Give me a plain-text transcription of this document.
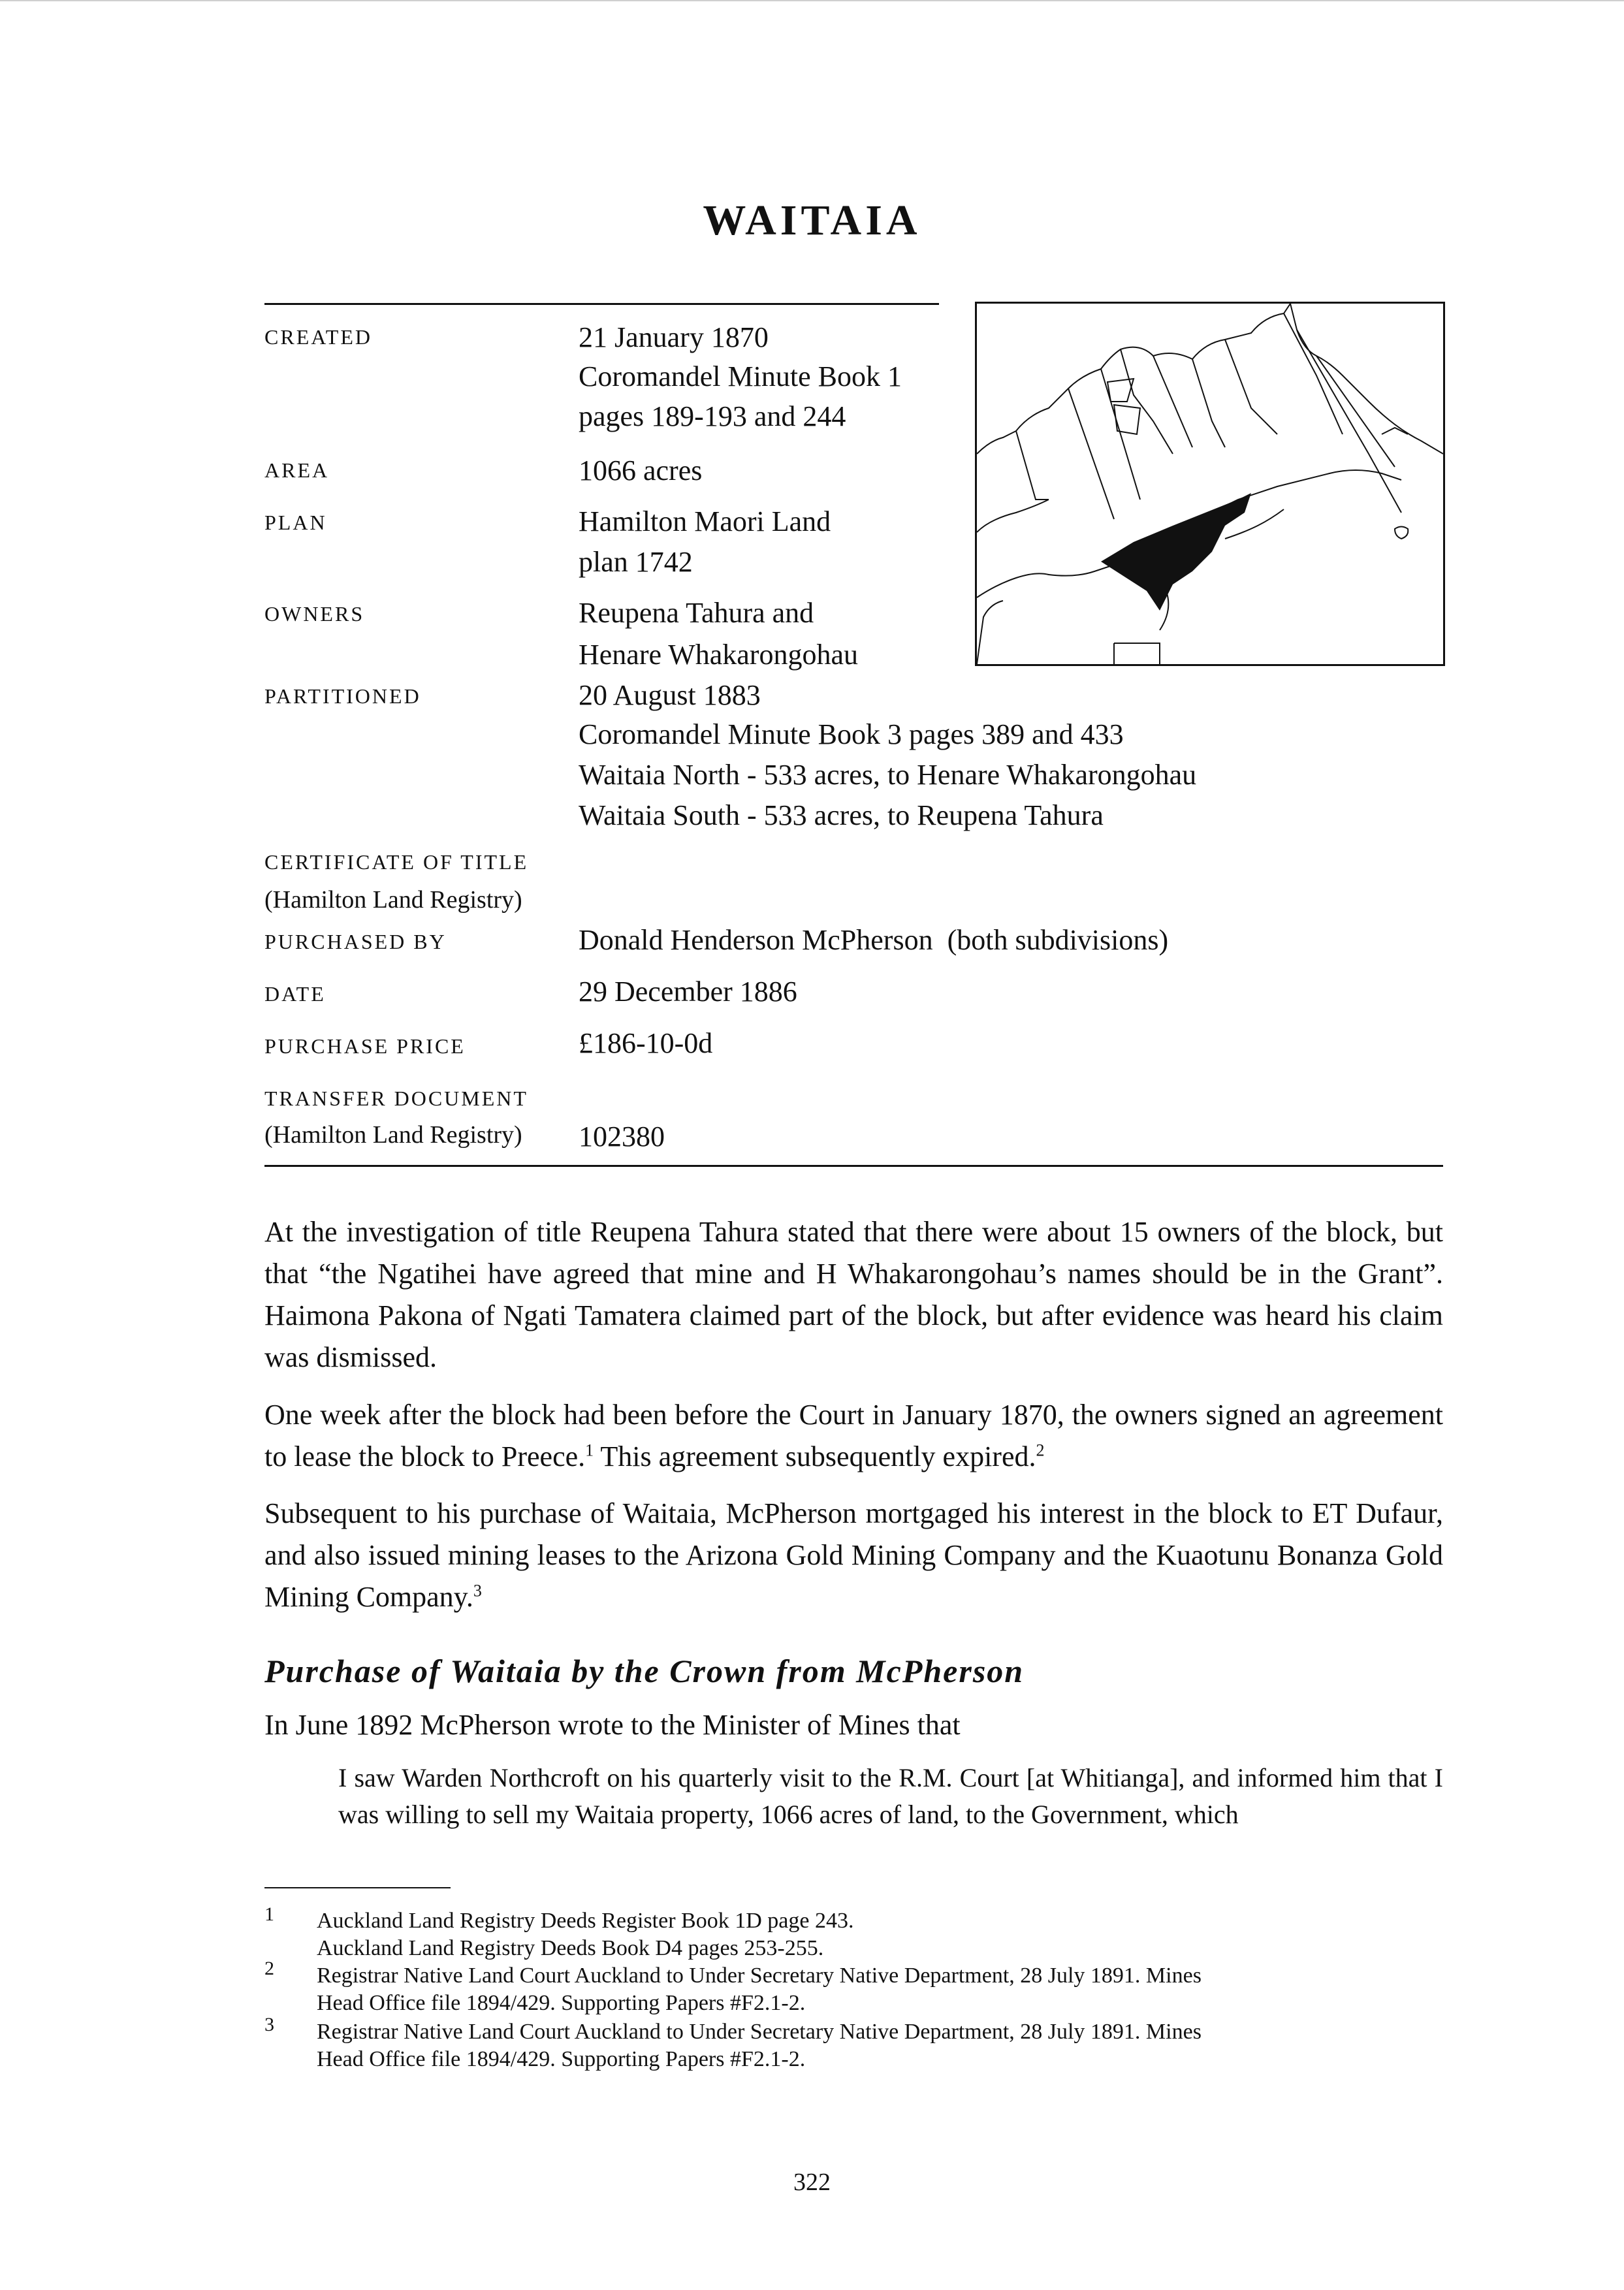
WAITAIA
CREATED	21 January 1870
Coromandel Minute Book 1
pages 189-193 and 244
AREA	1066 acres
PLAN	Hamilton Maori Land
plan 1742
OWNERS	Reupena Tahura and
Henare Whakarongohau
PARTITIONED	20 August 1883
Coromandel Minute Book 3 pages 389 and 433
Waitaia North - 533 acres, to Henare Whakarongohau
Waitaia South - 533 acres, to Reupena Tahura
CERTIFICATE OF TITLE
(Hamilton Land Registry)
PURCHASED BY	Donald Henderson McPherson  (both subdivisions)
DATE	29 December 1886
PURCHASE PRICE	£186-10-0d
TRANSFER DOCUMENT
(Hamilton Land Registry) 102380

At the investigation of title Reupena Tahura stated that there were about 15 owners of the block, but that “the Ngatihei have agreed that mine and H Whakarongohau’s names should be in the Grant”. Haimona Pakona of Ngati Tamatera claimed part of the block, but after evidence was heard his claim was dismissed.

One week after the block had been before the Court in January 1870, the owners signed an agreement to lease the block to Preece.$^1$ This agreement subsequently expired.$^2$

Subsequent to his purchase of Waitaia, McPherson mortgaged his interest in the block to ET Dufaur, and also issued mining leases to the Arizona Gold Mining Company and the Kuaotunu Bonanza Gold Mining Company.$^3$

Purchase of Waitaia by the Crown from McPherson

In June 1892 McPherson wrote to the Minister of Mines that

I saw Warden Northcroft on his quarterly visit to the R.M. Court [at Whitianga], and informed him that I was willing to sell my Waitaia property, 1066 acres of land, to the Government, which

1 Auckland Land Registry Deeds Register Book 1D page 243.
Auckland Land Registry Deeds Book D4 pages 253-255.
2 Registrar Native Land Court Auckland to Under Secretary Native Department, 28 July 1891. Mines
Head Office file 1894/429. Supporting Papers #F2.1-2.
3 Registrar Native Land Court Auckland to Under Secretary Native Department, 28 July 1891. Mines
Head Office file 1894/429. Supporting Papers #F2.1-2.
322
